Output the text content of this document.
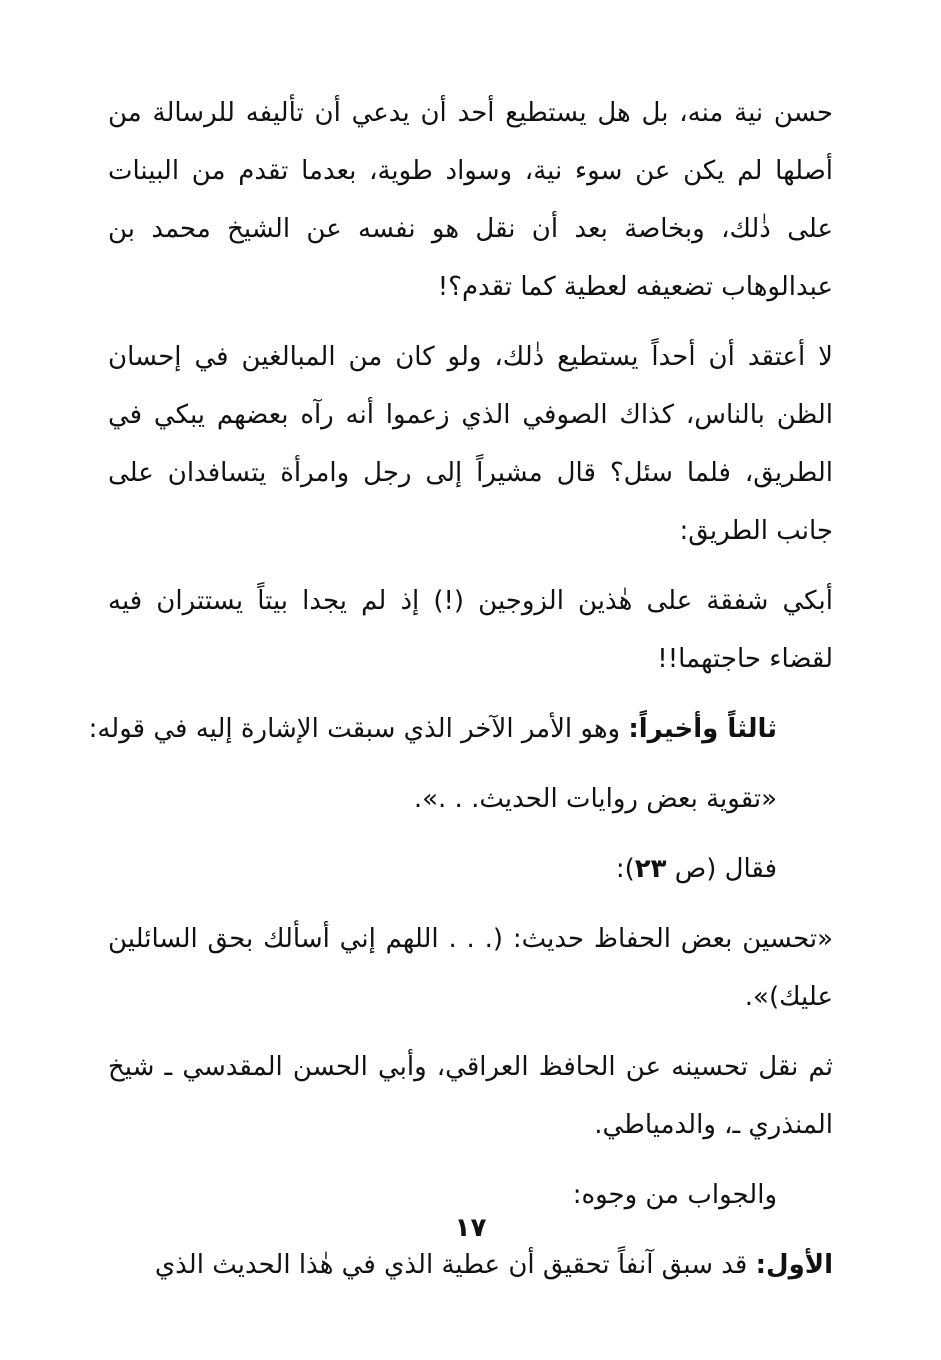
حسن نية منه، بل هل يستطيع أحد أن يدعي أن تأليفه للرسالة من أصلها لم يكن عن سوء نية، وسواد طوية، بعدما تقدم من البينات على ذٰلك، وبخاصة بعد أن نقل هو نفسه عن الشيخ محمد بن عبدالوهاب تضعيفه لعطية كما تقدم؟!

لا أعتقد أن أحداً يستطيع ذٰلك، ولو كان من المبالغين في إحسان الظن بالناس، كذاك الصوفي الذي زعموا أنه رآه بعضهم يبكي في الطريق، فلما سئل؟ قال مشيراً إلى رجل وامرأة يتسافدان على جانب الطريق:

أبكي شفقة على هٰذين الزوجين (!) إذ لم يجدا بيتاً يستتران فيه لقضاء حاجتهما!!

ثالثاً وأخيراً: وهو الأمر الآخر الذي سبقت الإشارة إليه في قوله:

«تقوية بعض روايات الحديث. . .».

فقال (ص ٢٣):

«تحسين بعض الحفاظ حديث: (. . . اللهم إني أسألك بحق السائلين عليك)».

ثم نقل تحسينه عن الحافظ العراقي، وأبي الحسن المقدسي ـ شيخ المنذري ـ، والدمياطي.

والجواب من وجوه:

الأول: قد سبق آنفاً تحقيق أن عطية الذي في هٰذا الحديث الذي

١٧
